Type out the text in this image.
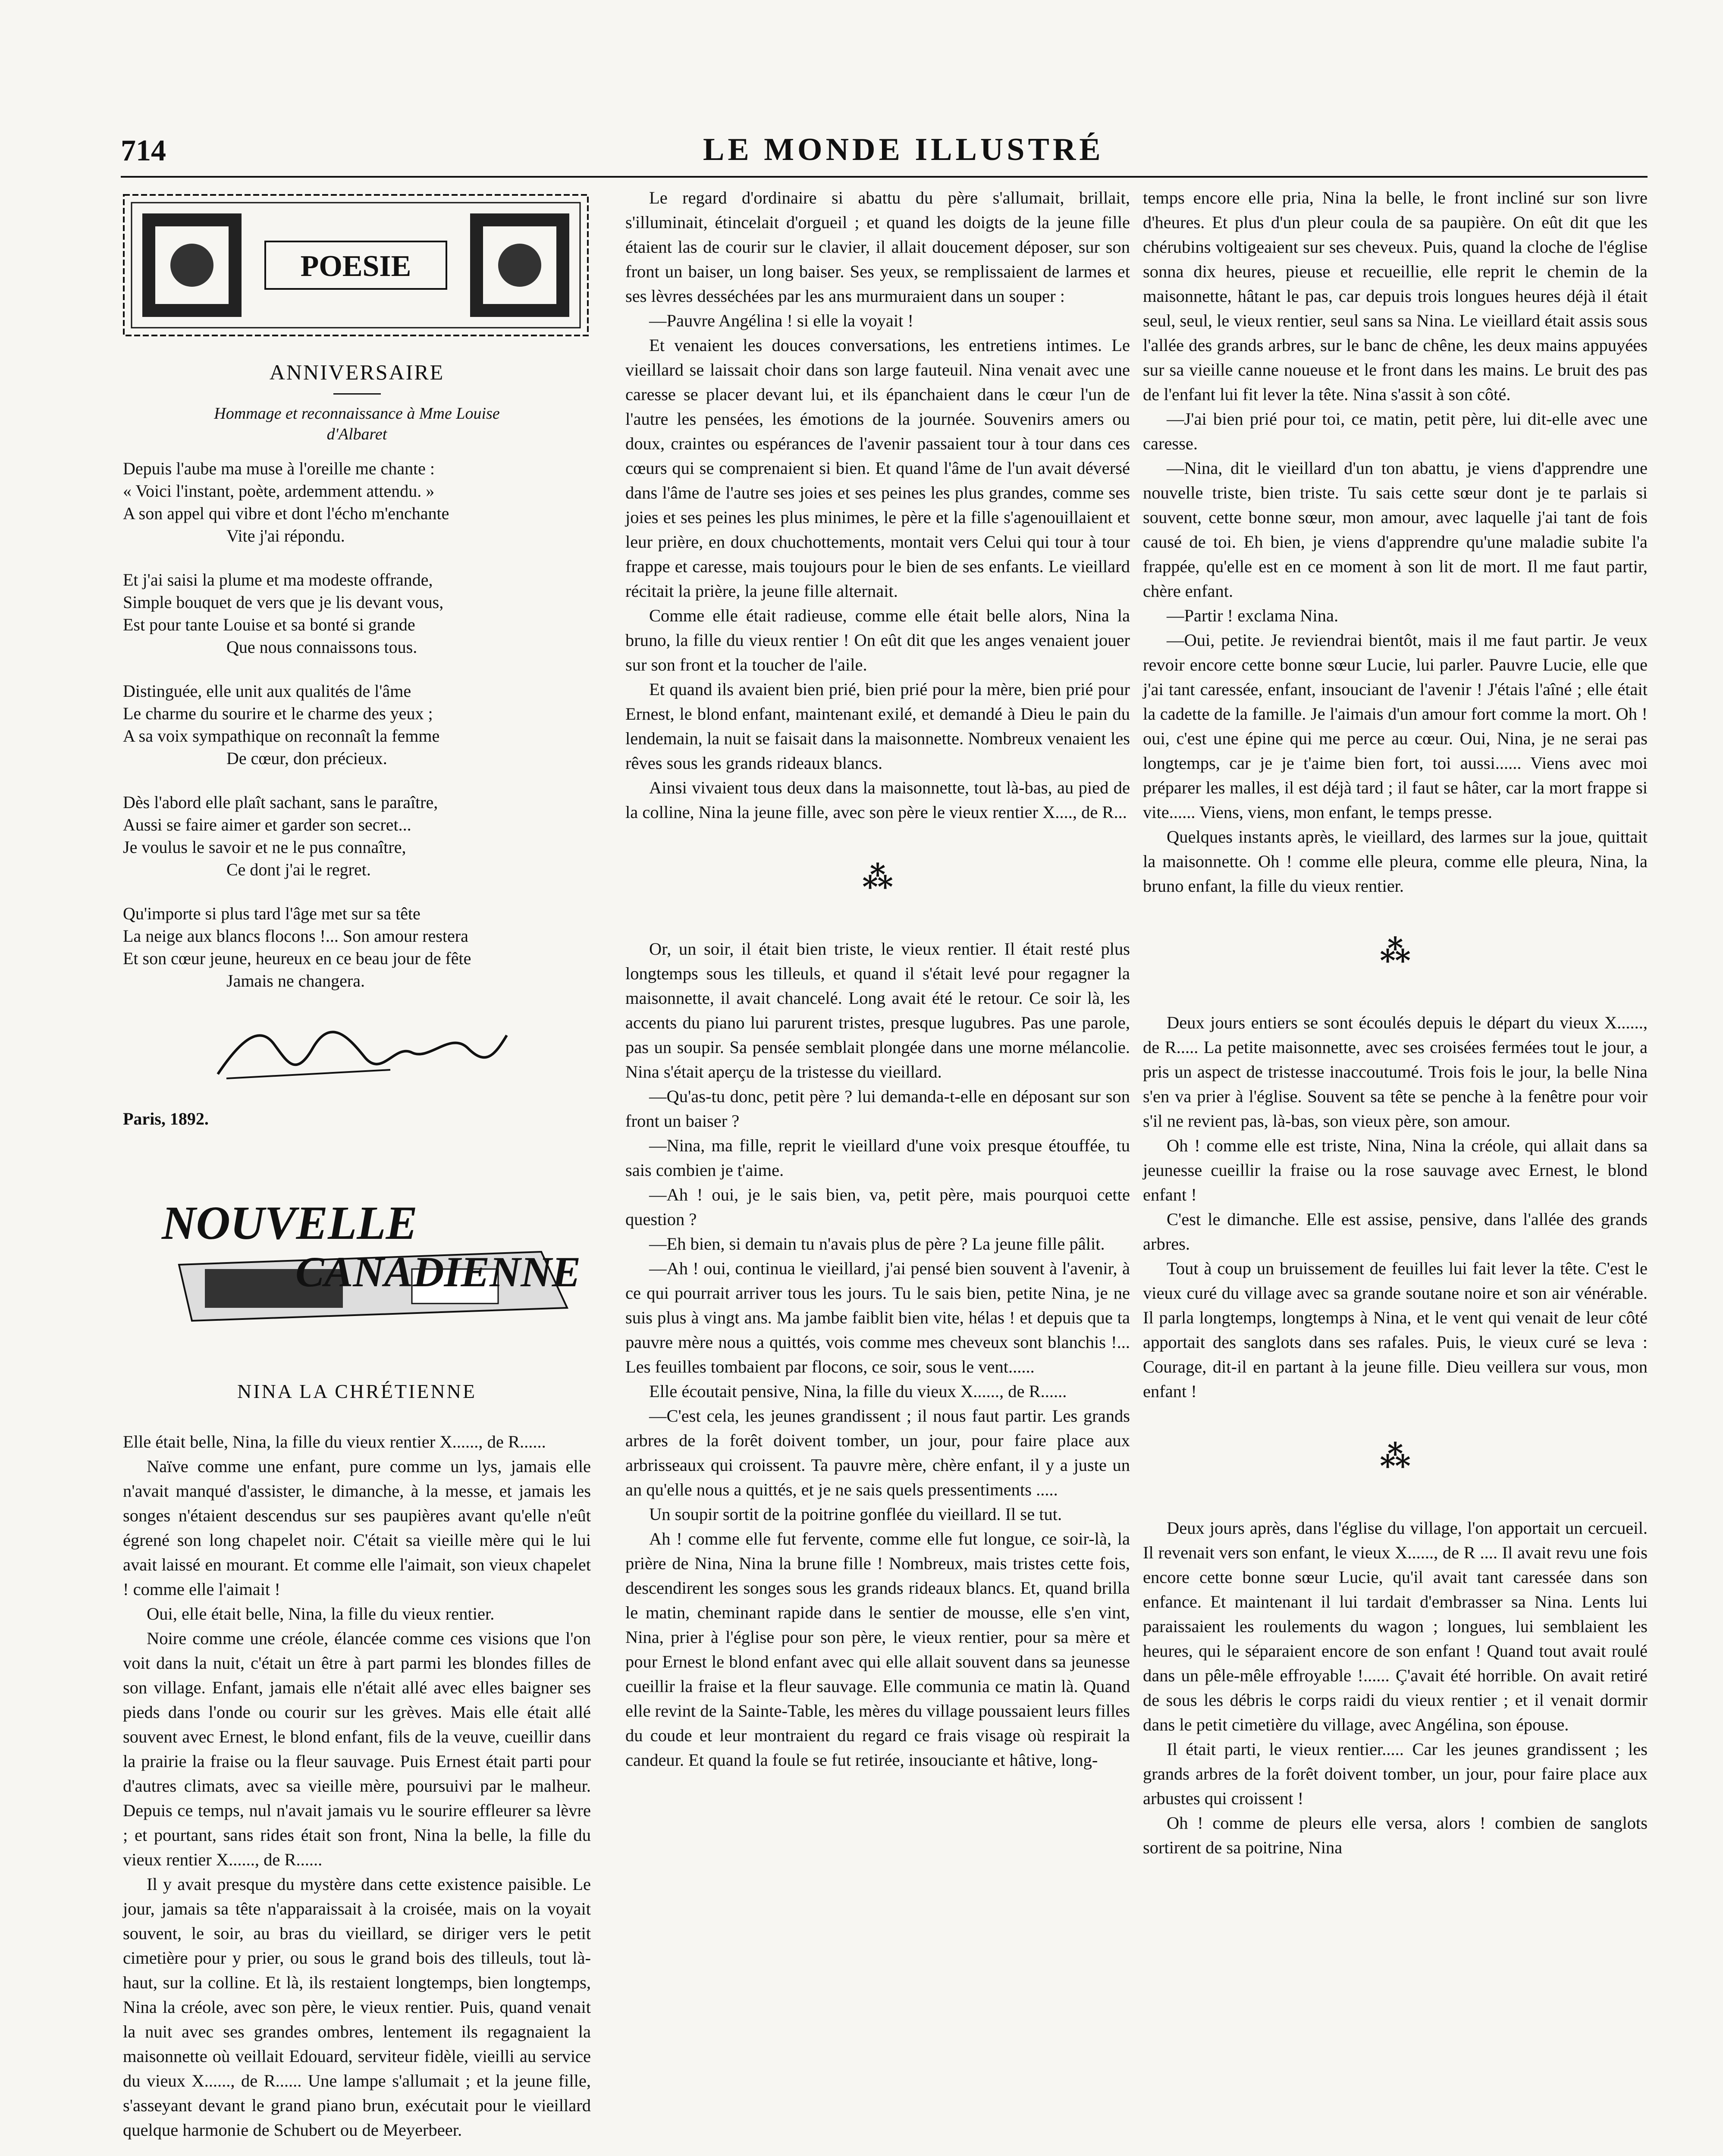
714	LE MONDE ILLUSTRÉ
POESIE
ANNIVERSAIRE
Hommage et reconnaissance à Mme Louise
d'Albaret
Depuis l'aube ma muse à l'oreille me chante :
« Voici l'instant, poète, ardemment attendu. »
A son appel qui vibre et dont l'écho m'enchante
Vite j'ai répondu.
Et j'ai saisi la plume et ma modeste offrande,
Simple bouquet de vers que je lis devant vous,
Est pour tante Louise et sa bonté si grande
Que nous connaissons tous.
Distinguée, elle unit aux qualités de l'âme
Le charme du sourire et le charme des yeux ;
A sa voix sympathique on reconnaît la femme
De cœur, don précieux.
Dès l'abord elle plaît sachant, sans le paraître,
Aussi se faire aimer et garder son secret...
Je voulus le savoir et ne le pus connaître,
Ce dont j'ai le regret.
Qu'importe si plus tard l'âge met sur sa tête
La neige aux blancs flocons !... Son amour restera
Et son cœur jeune, heureux en ce beau jour de fête
Jamais ne changera.
Paris, 1892.
NOUVELLE
CANADIENNE
NINA LA CHRÉTIENNE

Elle était belle, Nina, la fille du vieux rentier X......, de R......

Naïve comme une enfant, pure comme un lys, jamais elle n'avait manqué d'assister, le dimanche, à la messe, et jamais les songes n'étaient descendus sur ses paupières avant qu'elle n'eût égrené son long chapelet noir. C'était sa vieille mère qui le lui avait laissé en mourant. Et comme elle l'aimait, son vieux chapelet ! comme elle l'aimait !

Oui, elle était belle, Nina, la fille du vieux rentier.

Noire comme une créole, élancée comme ces visions que l'on voit dans la nuit, c'était un être à part parmi les blondes filles de son village. Enfant, jamais elle n'était allé avec elles baigner ses pieds dans l'onde ou courir sur les grèves. Mais elle était allé souvent avec Ernest, le blond enfant, fils de la veuve, cueillir dans la prairie la fraise ou la fleur sauvage. Puis Ernest était parti pour d'autres climats, avec sa vieille mère, poursuivi par le malheur. Depuis ce temps, nul n'avait jamais vu le sourire effleurer sa lèvre ; et pourtant, sans rides était son front, Nina la belle, la fille du vieux rentier X......, de R......

Il y avait presque du mystère dans cette existence paisible. Le jour, jamais sa tête n'apparaissait à la croisée, mais on la voyait souvent, le soir, au bras du vieillard, se diriger vers le petit cimetière pour y prier, ou sous le grand bois des tilleuls, tout là-haut, sur la colline. Et là, ils restaient longtemps, bien longtemps, Nina la créole, avec son père, le vieux rentier. Puis, quand venait la nuit avec ses grandes ombres, lentement ils regagnaient la maisonnette où veillait Edouard, serviteur fidèle, vieilli au service du vieux X......, de R...... Une lampe s'allumait ; et la jeune fille, s'asseyant devant le grand piano brun, exécutait pour le vieillard quelque harmonie de Schubert ou de Meyerbeer.

Le regard d'ordinaire si abattu du père s'allumait, brillait, s'illuminait, étincelait d'orgueil ; et quand les doigts de la jeune fille étaient las de courir sur le clavier, il allait doucement déposer, sur son front un baiser, un long baiser. Ses yeux, se remplissaient de larmes et ses lèvres desséchées par les ans murmuraient dans un souper :

—Pauvre Angélina ! si elle la voyait !

Et venaient les douces conversations, les entretiens intimes. Le vieillard se laissait choir dans son large fauteuil. Nina venait avec une caresse se placer devant lui, et ils épanchaient dans le cœur l'un de l'autre les pensées, les émotions de la journée. Souvenirs amers ou doux, craintes ou espérances de l'avenir passaient tour à tour dans ces cœurs qui se comprenaient si bien. Et quand l'âme de l'un avait déversé dans l'âme de l'autre ses joies et ses peines les plus grandes, comme ses joies et ses peines les plus minimes, le père et la fille s'agenouillaient et leur prière, en doux chuchottements, montait vers Celui qui tour à tour frappe et caresse, mais toujours pour le bien de ses enfants. Le vieillard récitait la prière, la jeune fille alternait.

Comme elle était radieuse, comme elle était belle alors, Nina la bruno, la fille du vieux rentier ! On eût dit que les anges venaient jouer sur son front et la toucher de l'aile.

Et quand ils avaient bien prié, bien prié pour la mère, bien prié pour Ernest, le blond enfant, maintenant exilé, et demandé à Dieu le pain du lendemain, la nuit se faisait dans la maisonnette. Nombreux venaient les rêves sous les grands rideaux blancs.

Ainsi vivaient tous deux dans la maisonnette, tout là-bas, au pied de la colline, Nina la jeune fille, avec son père le vieux rentier X...., de R...

⁂

Or, un soir, il était bien triste, le vieux rentier. Il était resté plus longtemps sous les tilleuls, et quand il s'était levé pour regagner la maisonnette, il avait chancelé. Long avait été le retour. Ce soir là, les accents du piano lui parurent tristes, presque lugubres. Pas une parole, pas un soupir. Sa pensée semblait plongée dans une morne mélancolie. Nina s'était aperçu de la tristesse du vieillard.

—Qu'as-tu donc, petit père ? lui demanda-t-elle en déposant sur son front un baiser ?

—Nina, ma fille, reprit le vieillard d'une voix presque étouffée, tu sais combien je t'aime.

—Ah ! oui, je le sais bien, va, petit père, mais pourquoi cette question ?

—Eh bien, si demain tu n'avais plus de père ? La jeune fille pâlit.

—Ah ! oui, continua le vieillard, j'ai pensé bien souvent à l'avenir, à ce qui pourrait arriver tous les jours. Tu le sais bien, petite Nina, je ne suis plus à vingt ans. Ma jambe faiblit bien vite, hélas ! et depuis que ta pauvre mère nous a quittés, vois comme mes cheveux sont blanchis !... Les feuilles tombaient par flocons, ce soir, sous le vent......

Elle écoutait pensive, Nina, la fille du vieux X......, de R......

—C'est cela, les jeunes grandissent ; il nous faut partir. Les grands arbres de la forêt doivent tomber, un jour, pour faire place aux arbrisseaux qui croissent. Ta pauvre mère, chère enfant, il y a juste un an qu'elle nous a quittés, et je ne sais quels pressentiments .....

Un soupir sortit de la poitrine gonflée du vieillard. Il se tut.

Ah ! comme elle fut fervente, comme elle fut longue, ce soir-là, la prière de Nina, Nina la brune fille ! Nombreux, mais tristes cette fois, descendirent les songes sous les grands rideaux blancs. Et, quand brilla le matin, cheminant rapide dans le sentier de mousse, elle s'en vint, Nina, prier à l'église pour son père, le vieux rentier, pour sa mère et pour Ernest le blond enfant avec qui elle allait souvent dans sa jeunesse cueillir la fraise et la fleur sauvage. Elle communia ce matin là. Quand elle revint de la Sainte-Table, les mères du village poussaient leurs filles du coude et leur montraient du regard ce frais visage où respirait la candeur. Et quand la foule se fut retirée, insouciante et hâtive, long-

temps encore elle pria, Nina la belle, le front incliné sur son livre d'heures. Et plus d'un pleur coula de sa paupière. On eût dit que les chérubins voltigeaient sur ses cheveux. Puis, quand la cloche de l'église sonna dix heures, pieuse et recueillie, elle reprit le chemin de la maisonnette, hâtant le pas, car depuis trois longues heures déjà il était seul, seul, le vieux rentier, seul sans sa Nina. Le vieillard était assis sous l'allée des grands arbres, sur le banc de chêne, les deux mains appuyées sur sa vieille canne noueuse et le front dans les mains. Le bruit des pas de l'enfant lui fit lever la tête. Nina s'assit à son côté.

—J'ai bien prié pour toi, ce matin, petit père, lui dit-elle avec une caresse.

—Nina, dit le vieillard d'un ton abattu, je viens d'apprendre une nouvelle triste, bien triste. Tu sais cette sœur dont je te parlais si souvent, cette bonne sœur, mon amour, avec laquelle j'ai tant de fois causé de toi. Eh bien, je viens d'apprendre qu'une maladie subite l'a frappée, qu'elle est en ce moment à son lit de mort. Il me faut partir, chère enfant.

—Partir ! exclama Nina.

—Oui, petite. Je reviendrai bientôt, mais il me faut partir. Je veux revoir encore cette bonne sœur Lucie, lui parler. Pauvre Lucie, elle que j'ai tant caressée, enfant, insouciant de l'avenir ! J'étais l'aîné ; elle était la cadette de la famille. Je l'aimais d'un amour fort comme la mort. Oh ! oui, c'est une épine qui me perce au cœur. Oui, Nina, je ne serai pas longtemps, car je je t'aime bien fort, toi aussi...... Viens avec moi préparer les malles, il est déjà tard ; il faut se hâter, car la mort frappe si vite...... Viens, viens, mon enfant, le temps presse.

Quelques instants après, le vieillard, des larmes sur la joue, quittait la maisonnette. Oh ! comme elle pleura, comme elle pleura, Nina, la bruno enfant, la fille du vieux rentier.

⁂

Deux jours entiers se sont écoulés depuis le départ du vieux X......, de R..... La petite maisonnette, avec ses croisées fermées tout le jour, a pris un aspect de tristesse inaccoutumé. Trois fois le jour, la belle Nina s'en va prier à l'église. Souvent sa tête se penche à la fenêtre pour voir s'il ne revient pas, là-bas, son vieux père, son amour.

Oh ! comme elle est triste, Nina, Nina la créole, qui allait dans sa jeunesse cueillir la fraise ou la rose sauvage avec Ernest, le blond enfant !

C'est le dimanche. Elle est assise, pensive, dans l'allée des grands arbres.

Tout à coup un bruissement de feuilles lui fait lever la tête. C'est le vieux curé du village avec sa grande soutane noire et son air vénérable. Il parla longtemps, longtemps à Nina, et le vent qui venait de leur côté apportait des sanglots dans ses rafales. Puis, le vieux curé se leva : Courage, dit-il en partant à la jeune fille. Dieu veillera sur vous, mon enfant !

⁂

Deux jours après, dans l'église du village, l'on apportait un cercueil. Il revenait vers son enfant, le vieux X......, de R .... Il avait revu une fois encore cette bonne sœur Lucie, qu'il avait tant caressée dans son enfance. Et maintenant il lui tardait d'embrasser sa Nina. Lents lui paraissaient les roulements du wagon ; longues, lui semblaient les heures, qui le séparaient encore de son enfant ! Quand tout avait roulé dans un pêle-mêle effroyable !...... Ç'avait été horrible. On avait retiré de sous les débris le corps raidi du vieux rentier ; et il venait dormir dans le petit cimetière du village, avec Angélina, son épouse.

Il était parti, le vieux rentier..... Car les jeunes grandissent ; les grands arbres de la forêt doivent tomber, un jour, pour faire place aux arbustes qui croissent !

Oh ! comme de pleurs elle versa, alors ! combien de sanglots sortirent de sa poitrine, Nina
